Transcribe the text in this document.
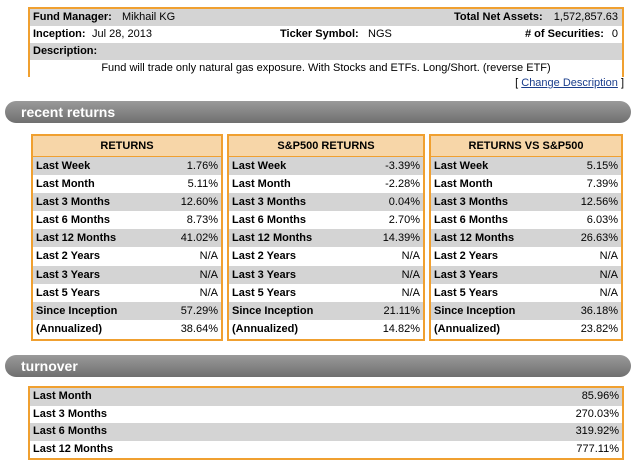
Fund Manager: Mikhail KG	Total Net Assets: 1,572,857.63
Inception: Jul 28, 2013	Ticker Symbol: NGS	# of Securities: 0
Description:
Fund will trade only natural gas exposure. With Stocks and ETFs. Long/Short. (reverse ETF)
[ Change Description ]
recent returns
RETURNS
Last Week	1.76%
Last Month	5.11%
Last 3 Months	12.60%
Last 6 Months	8.73%
Last 12 Months	41.02%
Last 2 Years	N/A
Last 3 Years	N/A
Last 5 Years	N/A
Since Inception	57.29%
(Annualized)	38.64%
S&P500 RETURNS
Last Week	-3.39%
Last Month	-2.28%
Last 3 Months	0.04%
Last 6 Months	2.70%
Last 12 Months	14.39%
Last 2 Years	N/A
Last 3 Years	N/A
Last 5 Years	N/A
Since Inception	21.11%
(Annualized)	14.82%
RETURNS VS S&P500
Last Week	5.15%
Last Month	7.39%
Last 3 Months	12.56%
Last 6 Months	6.03%
Last 12 Months	26.63%
Last 2 Years	N/A
Last 3 Years	N/A
Last 5 Years	N/A
Since Inception	36.18%
(Annualized)	23.82%
turnover
Last Month	85.96%
Last 3 Months	270.03%
Last 6 Months	319.92%
Last 12 Months	777.11%
